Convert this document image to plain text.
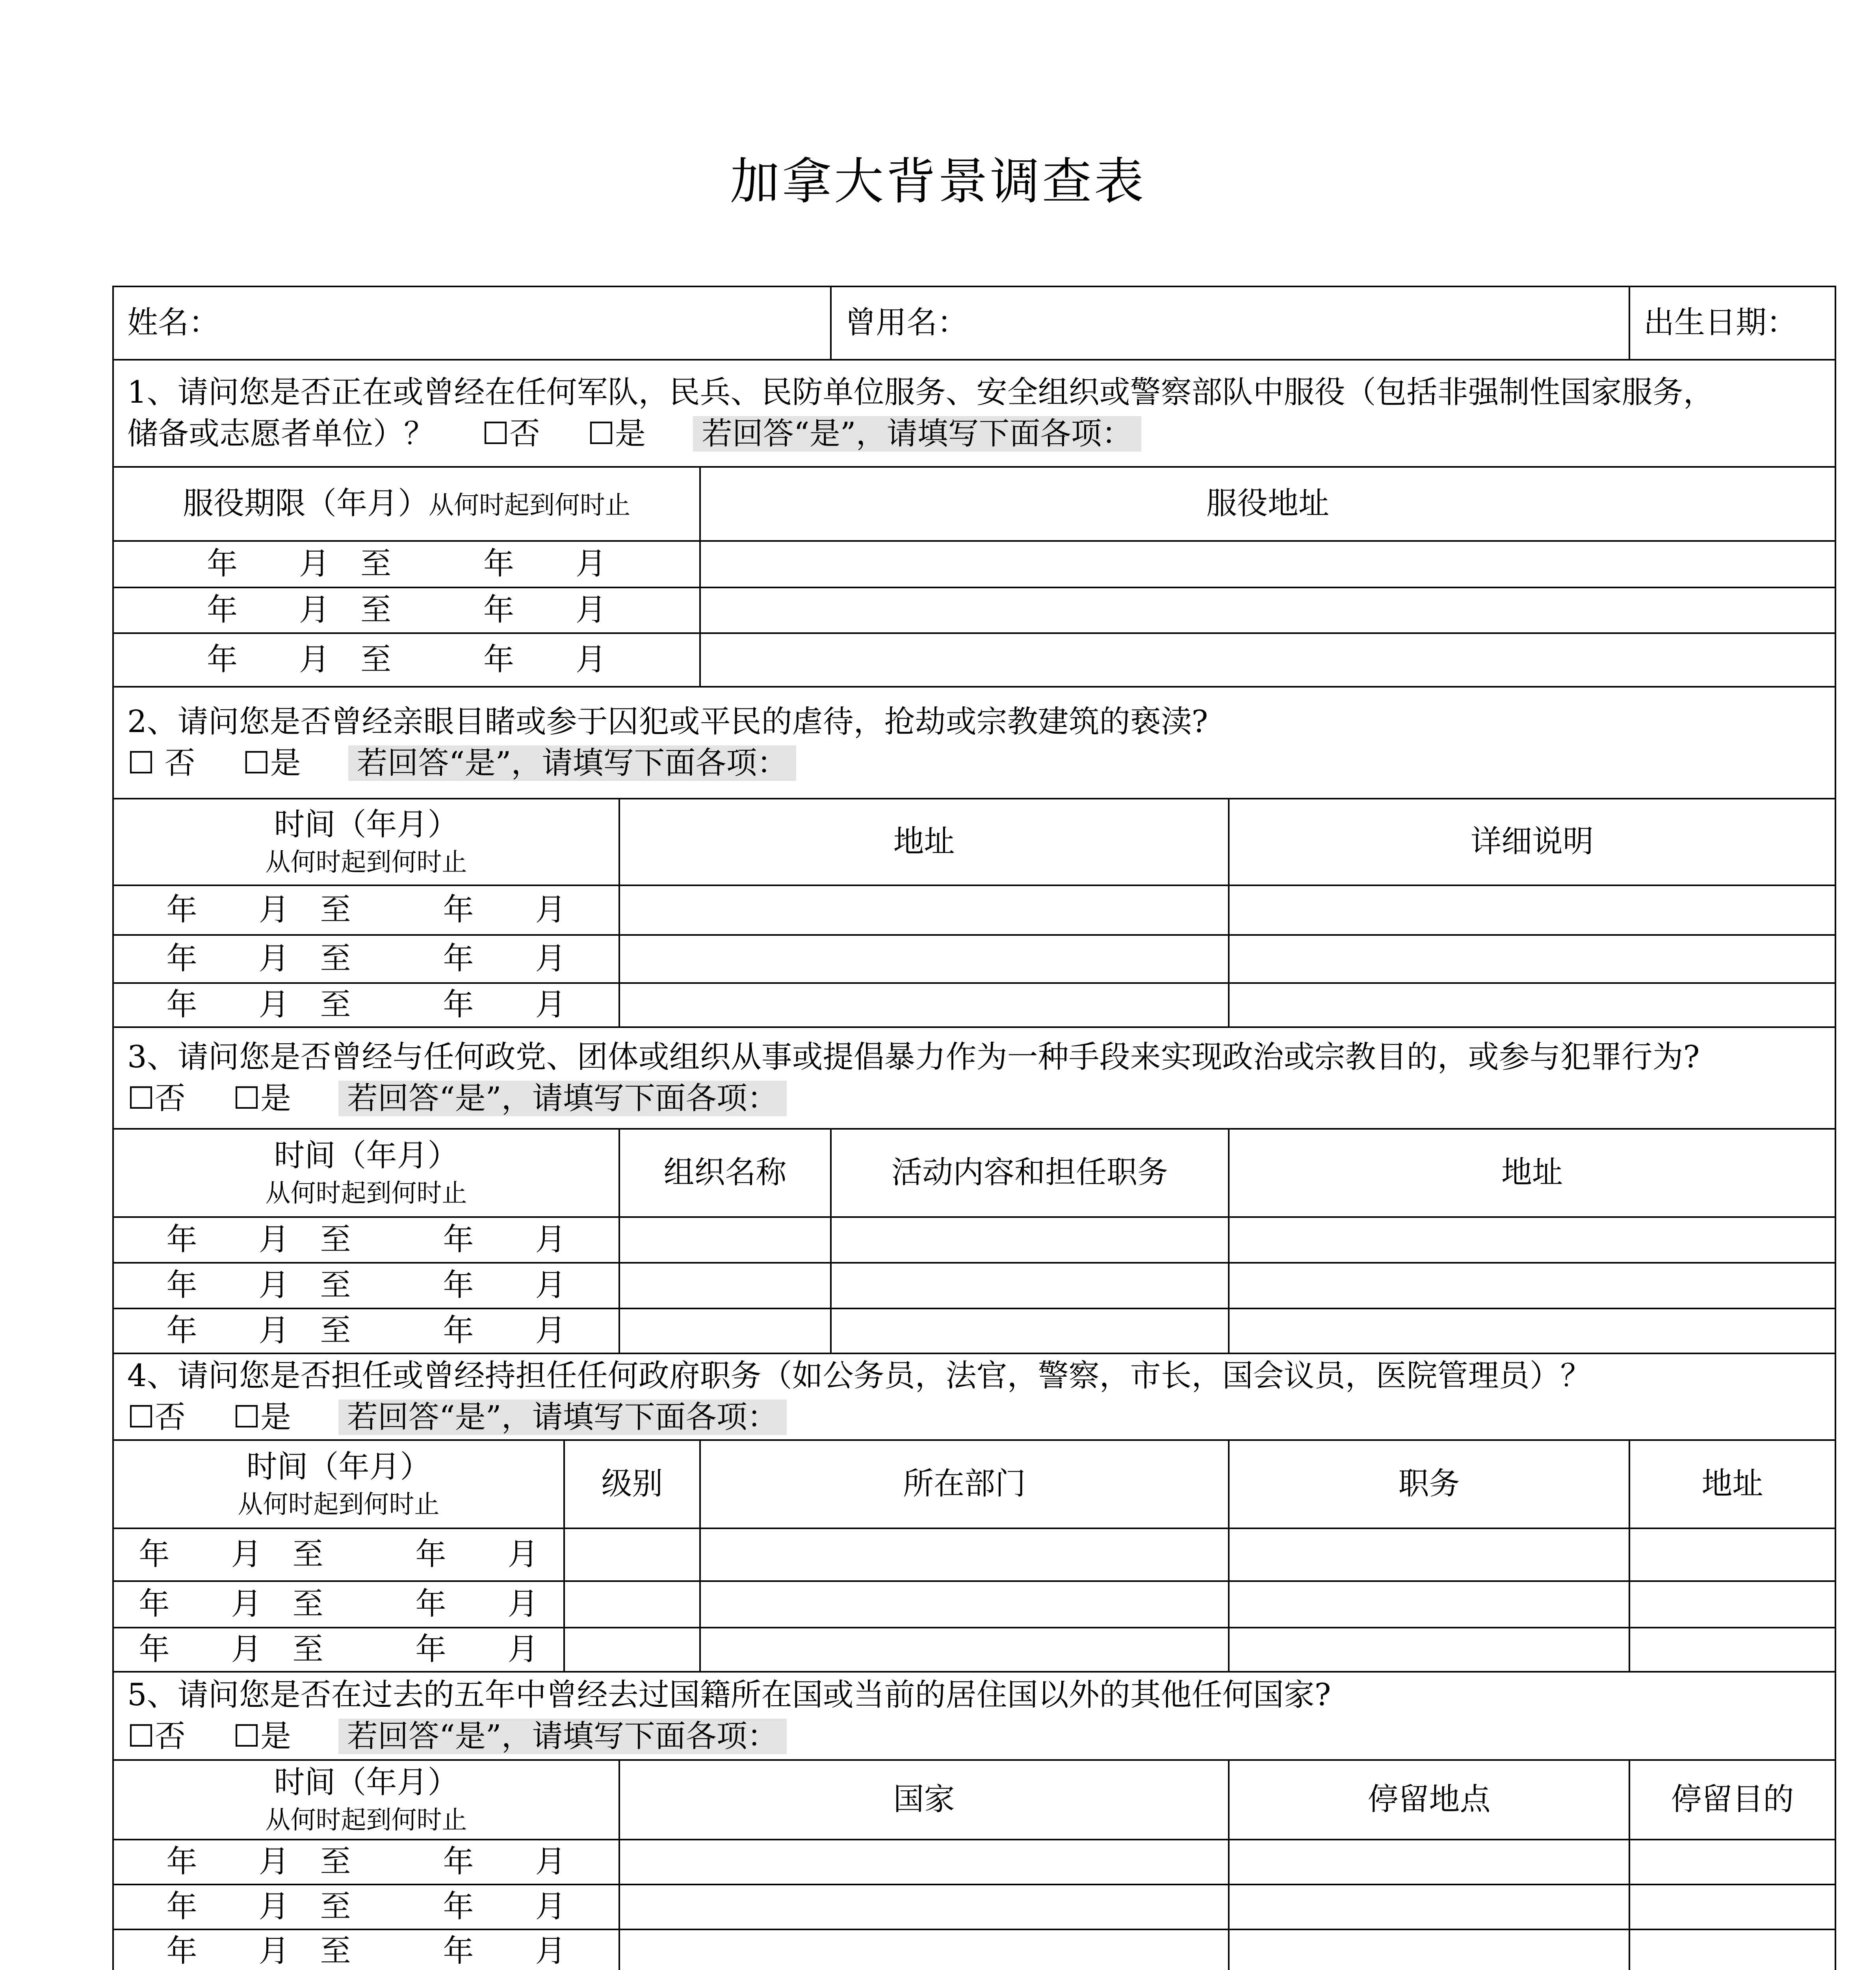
加拿大背景调查表
姓名：				曾用名：		出生日期：

1、请问您是否正在或曾经在任何军队，民兵、民防单位服务、安全组织或警察部队中服役（包括非强制性国家服务，
储备或志愿者单位）？ ☐否 ☐是 若回答“是”，请填写下面各项：						

服役期限（年月）从何时起到何时止			服役地址			
年　　月　至　　　年　　月						
年　　月　至　　　年　　月						
年　　月　至　　　年　　月						

2、请问您是否曾经亲眼目睹或参于囚犯或平民的虐待，抢劫或宗教建筑的亵渎?
☐ 否 ☐是 若回答“是”，请填写下面各项：						

时间（年月）
从何时起到何时止		地址			详细说明	
年　　月　至　　　年　　月						
年　　月　至　　　年　　月						
年　　月　至　　　年　　月						

3、请问您是否曾经与任何政党、团体或组织从事或提倡暴力作为一种手段来实现政治或宗教目的，或参与犯罪行为?
☐否 ☐是 若回答“是”，请填写下面各项：						

时间（年月）
从何时起到何时止		组织名称		活动内容和担任职务	地址	
年　　月　至　　　年　　月						
年　　月　至　　　年　　月						
年　　月　至　　　年　　月						

4、请问您是否担任或曾经持担任任何政府职务（如公务员，法官，警察，市长，国会议员，医院管理员）？
☐否 ☐是 若回答“是”，请填写下面各项：						

时间（年月）
从何时起到何时止	级别		所在部门		职务	地址
年　　月　至　　　年　　月						
年　　月　至　　　年　　月						
年　　月　至　　　年　　月						

5、请问您是否在过去的五年中曾经去过国籍所在国或当前的居住国以外的其他任何国家?
☐否 ☐是 若回答“是”，请填写下面各项：						

时间（年月）
从何时起到何时止		国家			停留地点	停留目的
年　　月　至　　　年　　月						
年　　月　至　　　年　　月						
年　　月　至　　　年　　月						
